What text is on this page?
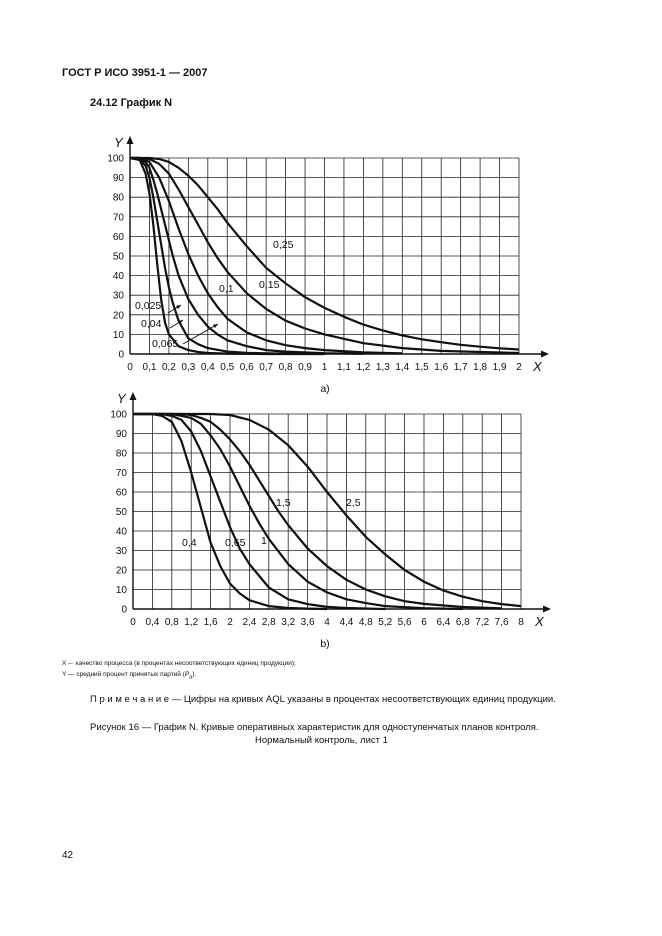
ГОСТ Р ИСО 3951-1 — 2007
24.12 График N
0 0,1 0,2 0,3 0,4 0,5 0,6 0,7 0,8 0,9 1 1,1 1,2 1,3 1,4 1,5 1,6 1,7 1,8 1,9 2
0
10
20
30
40
50
60
70
80
90
100
X
Y
0,025
0,04
0,065
0,1 0,15
0,25
a)
0 0,4 0,8 1,2 1,6 2 2,4 2,8 3,2 3,6 4 4,4 4,8 5,2 5,6 6 6,4 6,8 7,2 7,6 8
0
10
20
30
40
50
60
70
80
90
100
X
Y
0,4	0,65 1
1,5	2,5
b)
X –· качество процесса (в процентах несоответствующих единиц продукции);
Y — средний процент принятых партий $(P_a)$.
П р и м е ч а н и е — Цифры на кривых AQL указаны в процентах несоответствующих единиц продукции.
Рисунок 16 — График N. Кривые оперативных характеристик для одноступенчатых планов контроля.
Нормальный контроль, лист 1
42
